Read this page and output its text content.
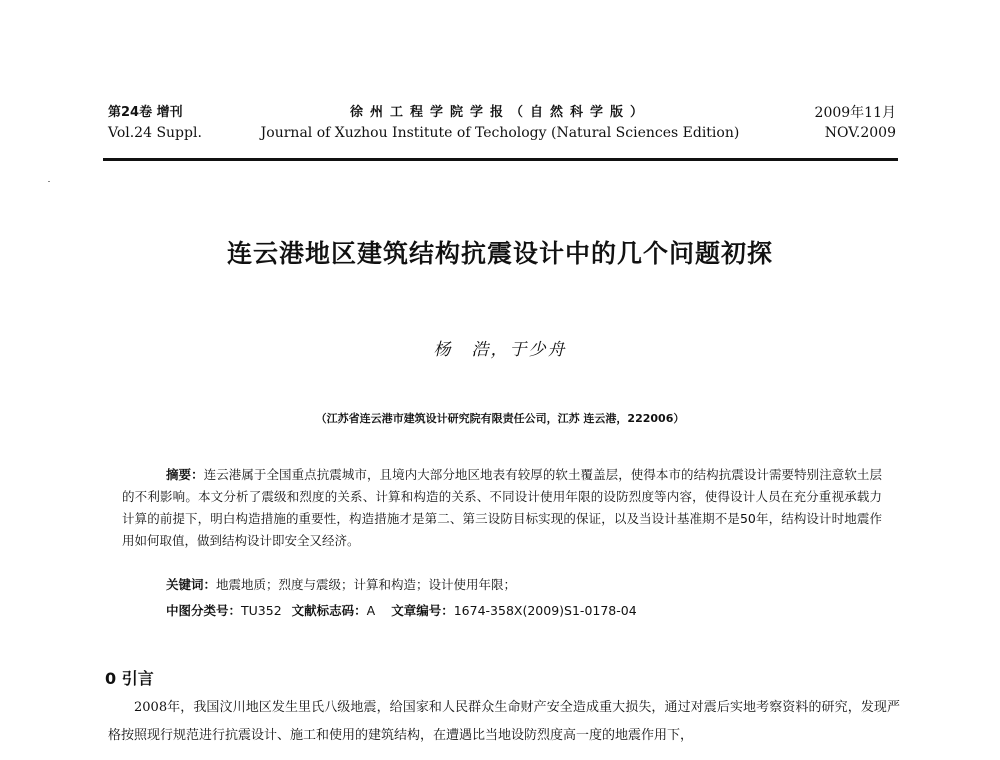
第24卷 增刊
Vol.24 Suppl.
徐州工程学院学报（自然科学版）
Journal of Xuzhou Institute of Techology (Natural Sciences Edition)
2009年11月
NOV.2009
连云港地区建筑结构抗震设计中的几个问题初探
杨　浩，于少舟
（江苏省连云港市建筑设计研究院有限责任公司，江苏 连云港，222006）
摘要：连云港属于全国重点抗震城市，且境内大部分地区地表有较厚的软土覆盖层，使得本市的结构抗震设计需要特别注意软土层的不利影响。本文分析了震级和烈度的关系、计算和构造的关系、不同设计使用年限的设防烈度等内容，使得设计人员在充分重视承载力计算的前提下，明白构造措施的重要性，构造措施才是第二、第三设防目标实现的保证，以及当设计基准期不是50年，结构设计时地震作用如何取值，做到结构设计即安全又经济。
关键词：地震地质；烈度与震级；计算和构造；设计使用年限；
中图分类号：TU352 文献标志码：A 文章编号：1674-358X(2009)S1-0178-04
0 引言
2008年，我国汶川地区发生里氏八级地震，给国家和人民群众生命财产安全造成重大损失，通过对震后实地考察资料的研究，发现严格按照现行规范进行抗震设计、施工和使用的建筑结构，在遭遇比当地设防烈度高一度的地震作用下，
